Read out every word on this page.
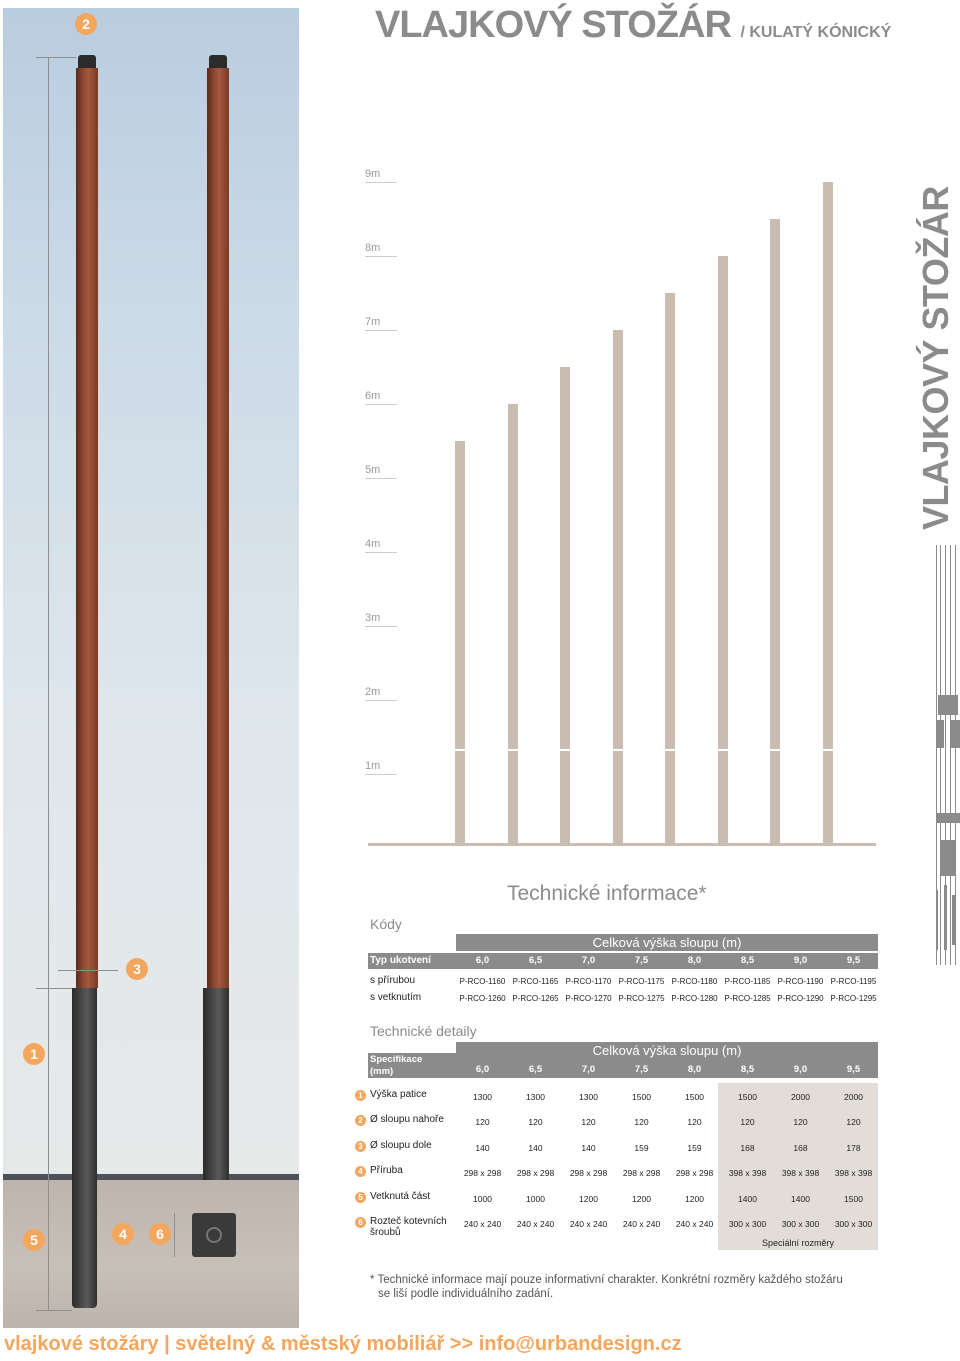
2
3
1
5	4	6
VLAJKOVÝ STOŽÁR / KULATÝ KÓNICKÝ
VLAJKOVÝ STOŽÁR
9m
8m
7m
6m
5m
4m
3m
2m
1m
Technické informace*
Kódy
Celková výška sloupu (m)
Typ ukotvení	6,0	6,5	7,0	7,5	8,0	8,5	9,0	9,5
s přírubou	P-RCO-1160 P-RCO-1165 P-RCO-1170 P-RCO-1175 P-RCO-1180 P-RCO-1185 P-RCO-1190 P-RCO-1195
s vetknutím	P-RCO-1260 P-RCO-1265 P-RCO-1270 P-RCO-1275 P-RCO-1280 P-RCO-1285 P-RCO-1290 P-RCO-1295
Technické detaily
Celková výška sloupu (m)
6,0	6,5	7,0	7,5	8,0	8,5	9,0	9,5
Specifikace
(mm)
Speciální rozměry
1 Výška patice	1300	1300	1300	1500	1500	1500	2000	2000
2 Ø sloupu nahoře	120	120	120	120	120	120	120	120
3 Ø sloupu dole	140	140	140	159	159	168	168	178
4 Příruba	298 x 298	298 x 298	298 x 298	298 x 298	298 x 298	398 x 398	398 x 398	398 x 398
5 Vetknutá část	1000	1000	1200	1200	1200	1400	1400	1500
6 Rozteč kotevních
šroubů
240 x 240	240 x 240	240 x 240	240 x 240	240 x 240	300 x 300	300 x 300	300 x 300
* Technické informace mají pouze informativní charakter. Konkrétní rozměry každého stožáru
se liší podle individuálního zadání.
vlajkové stožáry | světelný & městský mobiliář >> info@urbandesign.cz
